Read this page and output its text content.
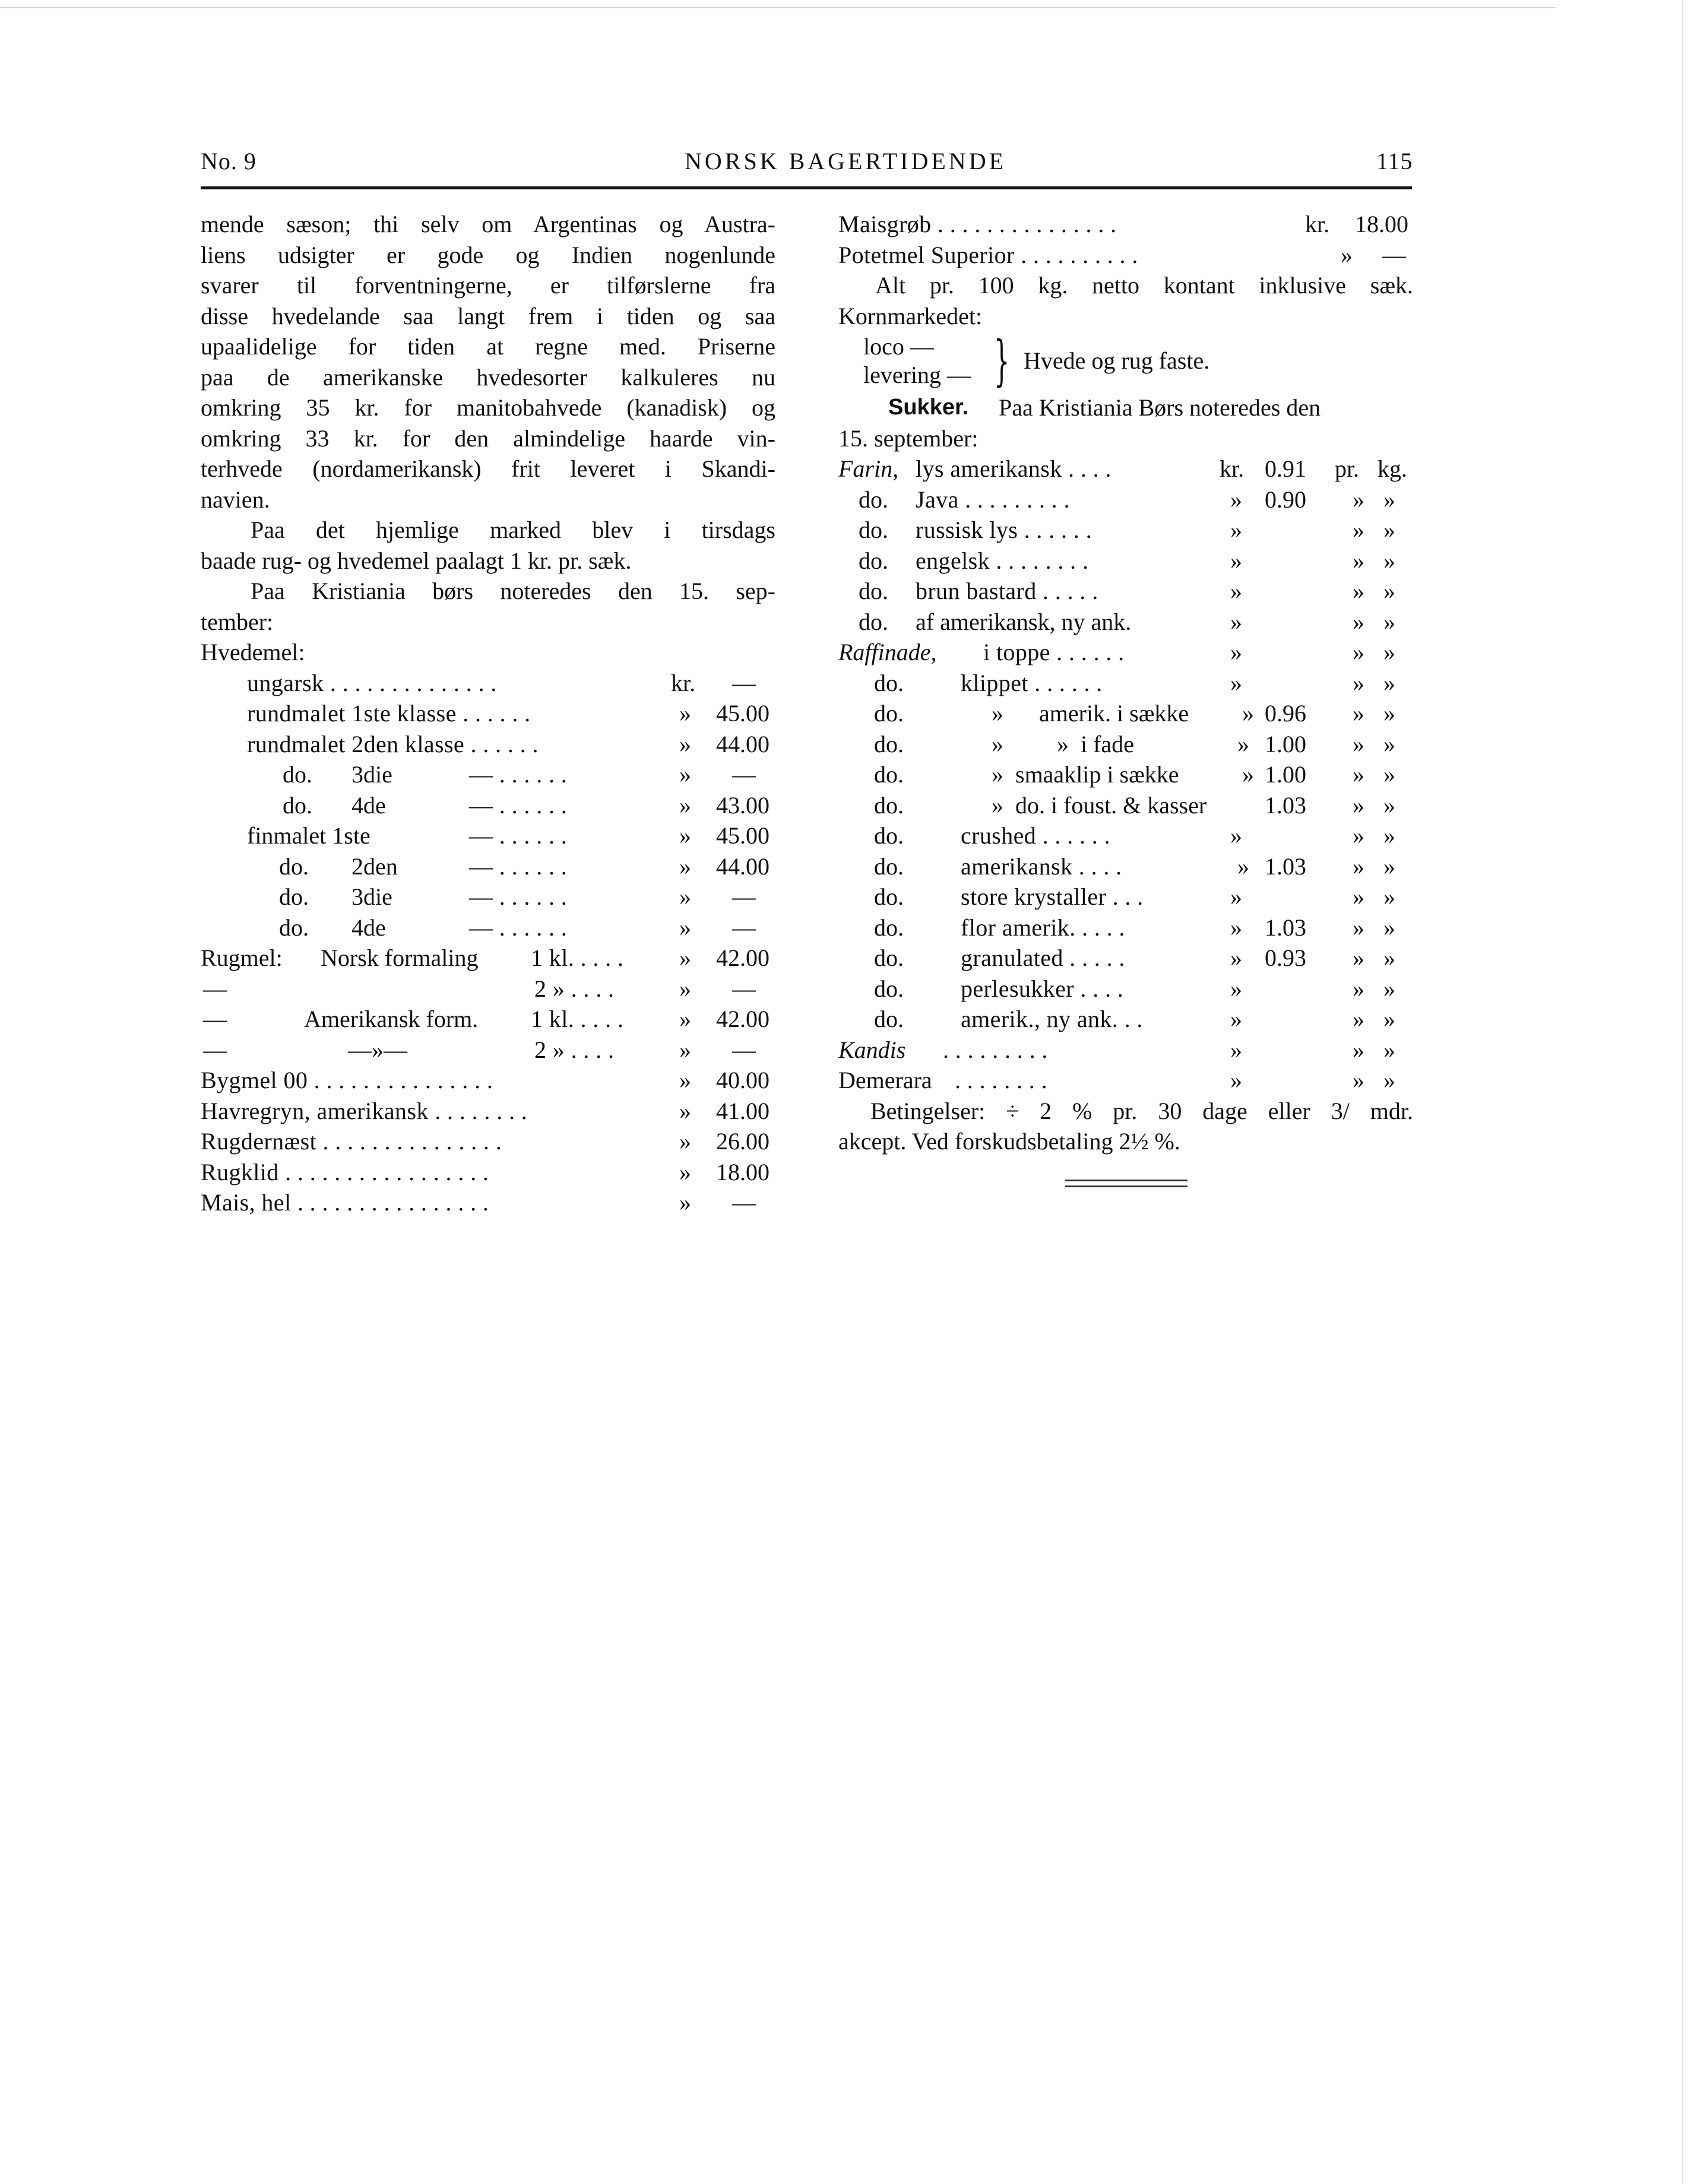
No. 9	NORSK BAGERTIDENDE	115

mende sæson; thi selv om Argentinas og Austra-

liens udsigter er gode og Indien nogenlunde

svarer til forventningerne, er tilførslerne fra

disse hvedelande saa langt frem i tiden og saa

upaalidelige for tiden at regne med. Priserne

paa de amerikanske hvedesorter kalkuleres nu

omkring 35 kr. for manitobahvede (kanadisk) og

omkring 33 kr. for den almindelige haarde vin-

terhvede (nordamerikansk) frit leveret i Skandi-

navien.

Paa det hjemlige marked blev i tirsdags

baade rug- og hvedemel paalagt 1 kr. pr. sæk.

Paa Kristiania børs noteredes den 15. sep-

tember:

Hvedemel:

ungarsk . . . . . . . . . . . . . .	kr. —
rundmalet 1ste klasse . . . . . .	» 45.00
rundmalet 2den klasse . . . . . .	» 44.00
do. 3die	— . . . . . .	» —
do. 4de	— . . . . . .	» 43.00
finmalet 1ste	— . . . . . .	» 45.00
do. 2den	— . . . . . .	» 44.00
do. 3die	— . . . . . .	» —
do. 4de	— . . . . . .	» —
Rugmel: Norsk formaling 1 kl. . . . . » 42.00
—	2 » . . . .	» —
—	Amerikansk form. 1 kl. . . . . » 42.00
—	—»—	2 » . . . .	» —
Bygmel 00 . . . . . . . . . . . . . . .	» 40.00
Havregryn, amerikansk . . . . . . . .	» 41.00
Rugdernæst . . . . . . . . . . . . . . .	» 26.00
Rugklid . . . . . . . . . . . . . . . . .	» 18.00
Mais, hel . . . . . . . . . . . . . . . .	» —
Maisgrøb . . . . . . . . . . . . . . .	kr. 18.00
Potetmel Superior . . . . . . . . . .	» —

Alt pr. 100 kg. netto kontant inklusive sæk.

Kornmarkedet:

loco —
levering — } Hvede og rug faste.
Sukker. Paa Kristiania Børs noteredes den

15. september:

Farin, lys amerikansk . . . .	kr. 0.91 pr. kg.
do. Java . . . . . . . . .	» 0.90 » »
do. russisk lys . . . . . .	»	» »
do. engelsk . . . . . . . .	»	» »
do. brun bastard . . . . .	»	» »
do. af amerikansk, ny ank.	»	» »
Raffinade, i toppe . . . . . .	»	» »
do. klippet . . . . . .	»	» »
do.	»      amerik. i sække » 0.96 » »
do.	»         »  i fade	» 1.00 » »
do.	»  smaaklip i sække	» 1.00 » »
do.	»  do. i foust. & kasser 1.03 » »
do. crushed . . . . . .	»	» »
do. amerikansk . . . .	» 1.03 » »
do. store krystaller . . .	»	» »
do. flor amerik. . . . .	» 1.03 » »
do. granulated . . . . .	» 0.93 » »
do. perlesukker . . . .	»	» »
do. amerik., ny ank. . .	»	» »
Kandis . . . . . . . . .	»	» »
Demerara . . . . . . . .	»	» »

Betingelser: ÷ 2 % pr. 30 dage eller 3/ mdr.

akcept. Ved forskudsbetaling 2½ %.
